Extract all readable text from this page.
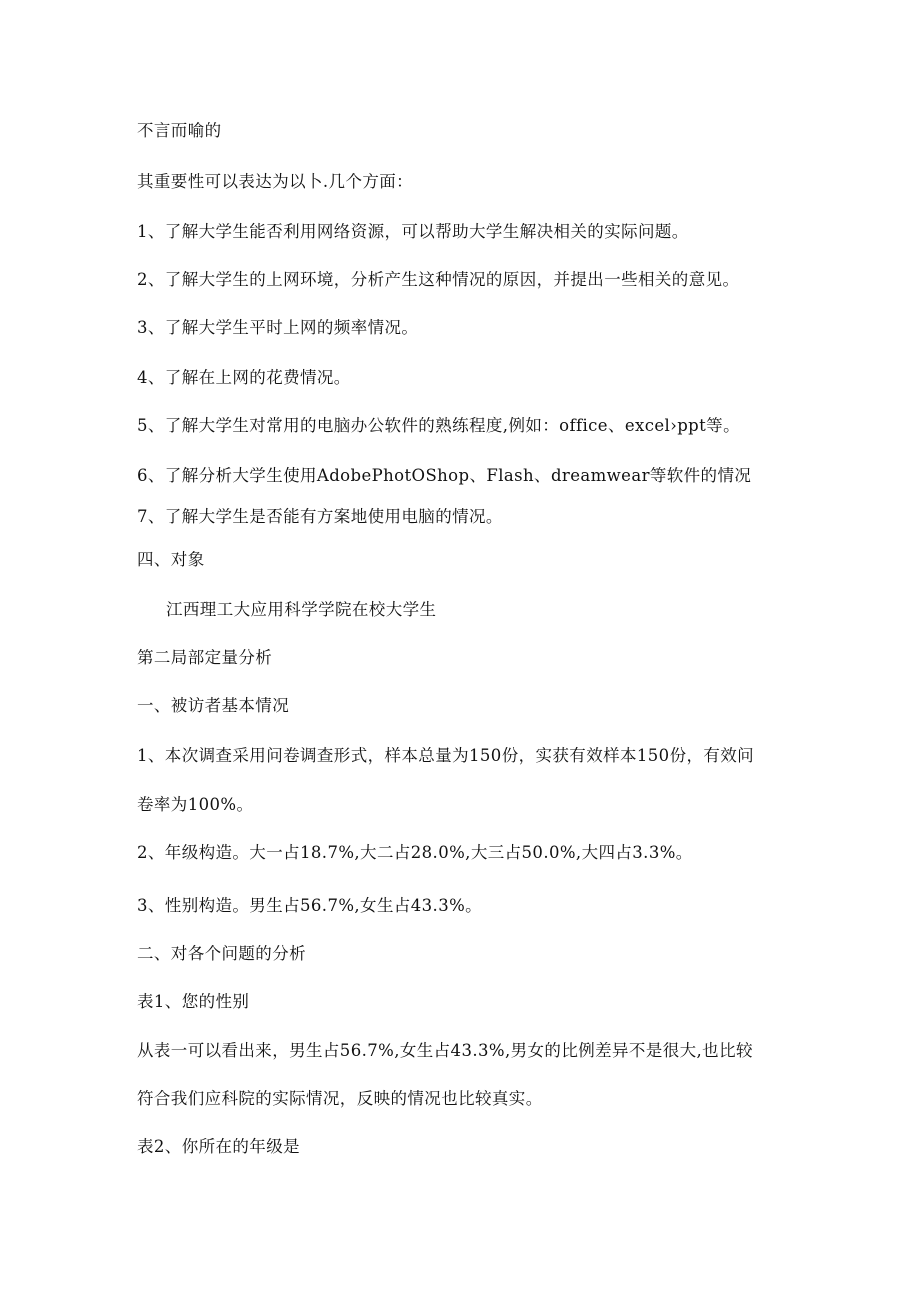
不言而喻的
其重要性可以表达为以卜.几个方面：
1、了解大学生能否利用网络资源，可以帮助大学生解决相关的实际问题。
2、了解大学生的上网环境，分析产生这种情况的原因，并提出一些相关的意见。
3、了解大学生平时上网的频率情况。
4、了解在上网的花费情况。
5、了解大学生对常用的电脑办公软件的熟练程度,例如：office、excel›ppt等。
6、了解分析大学生使用AdobePhotOShop、Flash、dreamwear等软件的情况
7、了解大学生是否能有方案地使用电脑的情况。
四、对象
江西理工大应用科学学院在校大学生
第二局部定量分析
一、被访者基本情况
1、本次调查采用问卷调查形式，样本总量为150份，实获有效样本150份，有效问
卷率为100%。
2、年级构造。大一占18.7%,大二占28.0%,大三占50.0%,大四占3.3%。
3、性别构造。男生占56.7%,女生占43.3%。
二、对各个问题的分析
表1、您的性别
从表一可以看出来，男生占56.7%,女生占43.3%,男女的比例差异不是很大,也比较
符合我们应科院的实际情况，反映的情况也比较真实。
表2、你所在的年级是
